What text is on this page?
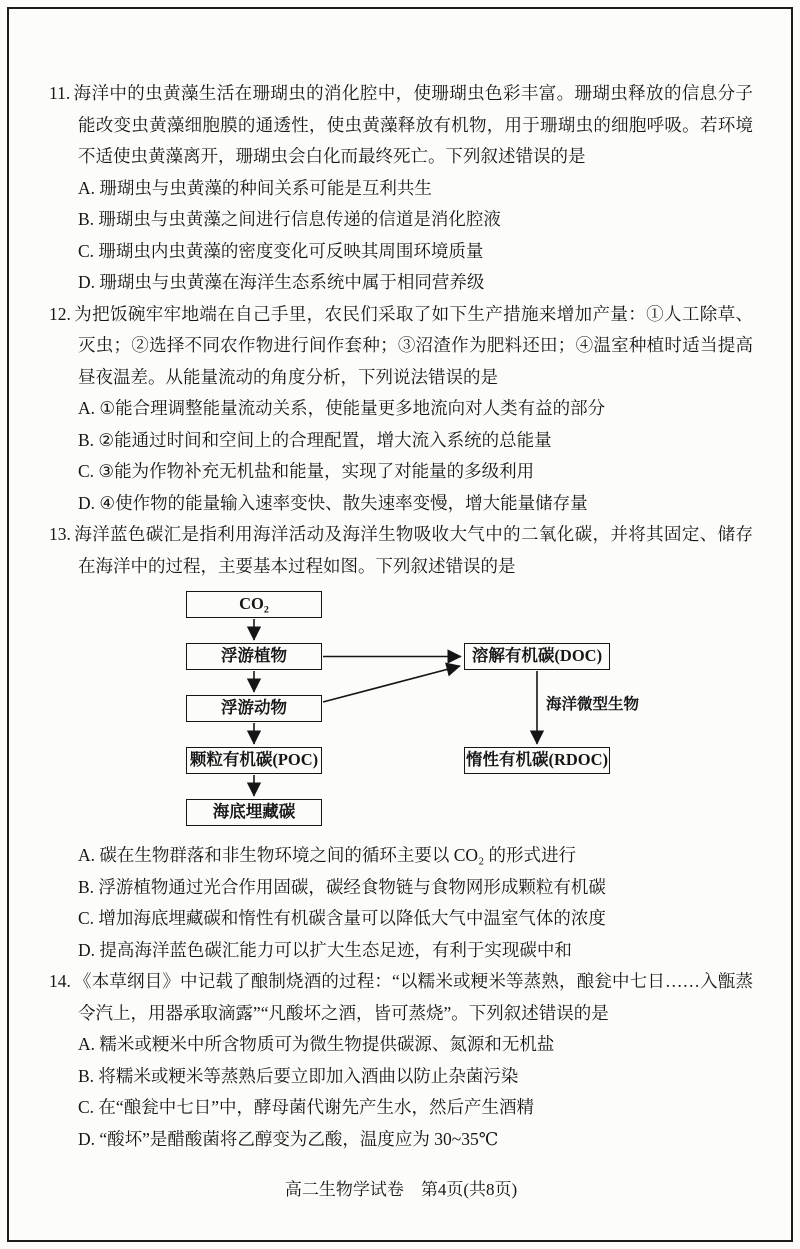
11. 海洋中的虫黄藻生活在珊瑚虫的消化腔中，使珊瑚虫色彩丰富。珊瑚虫释放的信息分子能改变虫黄藻细胞膜的通透性，使虫黄藻释放有机物，用于珊瑚虫的细胞呼吸。若环境不适使虫黄藻离开，珊瑚虫会白化而最终死亡。下列叙述错误的是

A. 珊瑚虫与虫黄藻的种间关系可能是互利共生

B. 珊瑚虫与虫黄藻之间进行信息传递的信道是消化腔液

C. 珊瑚虫内虫黄藻的密度变化可反映其周围环境质量

D. 珊瑚虫与虫黄藻在海洋生态系统中属于相同营养级

12. 为把饭碗牢牢地端在自己手里，农民们采取了如下生产措施来增加产量：①人工除草、灭虫；②选择不同农作物进行间作套种；③沼渣作为肥料还田；④温室种植时适当提高昼夜温差。从能量流动的角度分析，下列说法错误的是

A. ①能合理调整能量流动关系，使能量更多地流向对人类有益的部分

B. ②能通过时间和空间上的合理配置，增大流入系统的总能量

C. ③能为作物补充无机盐和能量，实现了对能量的多级利用

D. ④使作物的能量输入速率变快、散失速率变慢，增大能量储存量

13. 海洋蓝色碳汇是指利用海洋活动及海洋生物吸收大气中的二氧化碳，并将其固定、储存在海洋中的过程，主要基本过程如图。下列叙述错误的是

CO₂
浮游植物
浮游动物
颗粒有机碳(POC)
海底埋藏碳
溶解有机碳(DOC)
惰性有机碳(RDOC)
海洋微型生物

A. 碳在生物群落和非生物环境之间的循环主要以 CO₂ 的形式进行

B. 浮游植物通过光合作用固碳，碳经食物链与食物网形成颗粒有机碳

C. 增加海底埋藏碳和惰性有机碳含量可以降低大气中温室气体的浓度

D. 提高海洋蓝色碳汇能力可以扩大生态足迹，有利于实现碳中和

14. 《本草纲目》中记载了酿制烧酒的过程：“以糯米或粳米等蒸熟，酿瓮中七日……入甑蒸令汽上，用器承取滴露”“凡酸坏之酒，皆可蒸烧”。下列叙述错误的是

A. 糯米或粳米中所含物质可为微生物提供碳源、氮源和无机盐

B. 将糯米或粳米等蒸熟后要立即加入酒曲以防止杂菌污染

C. 在“酿瓮中七日”中，酵母菌代谢先产生水，然后产生酒精

D. “酸坏”是醋酸菌将乙醇变为乙酸，温度应为 30~35℃

高二生物学试卷　第4页(共8页)
